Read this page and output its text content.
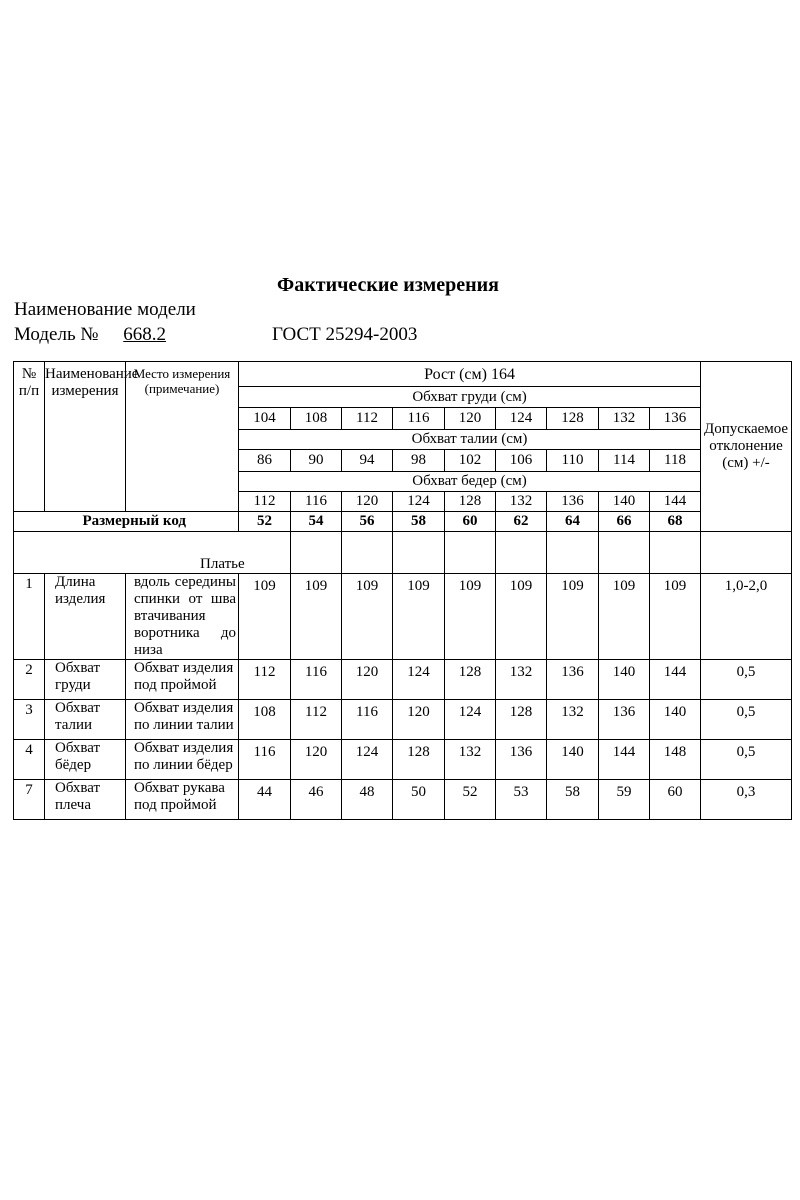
Фактические измерения
Наименование модели
Модель № 668.2	ГОСТ 25294-2003
№ п/п	Наименование измерения	Место измерения (примечание)	Рост (см) 164									Допускаемое отклонение (см) +/-
			Обхват груди (см)									
			104	108	112	116	120	124	128	132	136	
			Обхват талии (см)									
			86	90	94	98	102	106	110	114	118	
			Обхват бедер (см)									
			112	116	120	124	128	132	136	140	144	
Размерный код			52	54	56	58	60	62	64	66	68	
Платье												
1	Длина изделия	вдоль середины спинки от шва втачивания воротника до низа	109	109	109	109	109	109	109	109	109	1,0-2,0
2	Обхват груди	Обхват изделия под проймой	112	116	120	124	128	132	136	140	144	0,5
3	Обхват талии	Обхват изделия по линии талии	108	112	116	120	124	128	132	136	140	0,5
4	Обхват бёдер	Обхват изделия по линии бёдер	116	120	124	128	132	136	140	144	148	0,5
7	Обхват плеча	Обхват рукава под проймой	44	46	48	50	52	53	58	59	60	0,3
